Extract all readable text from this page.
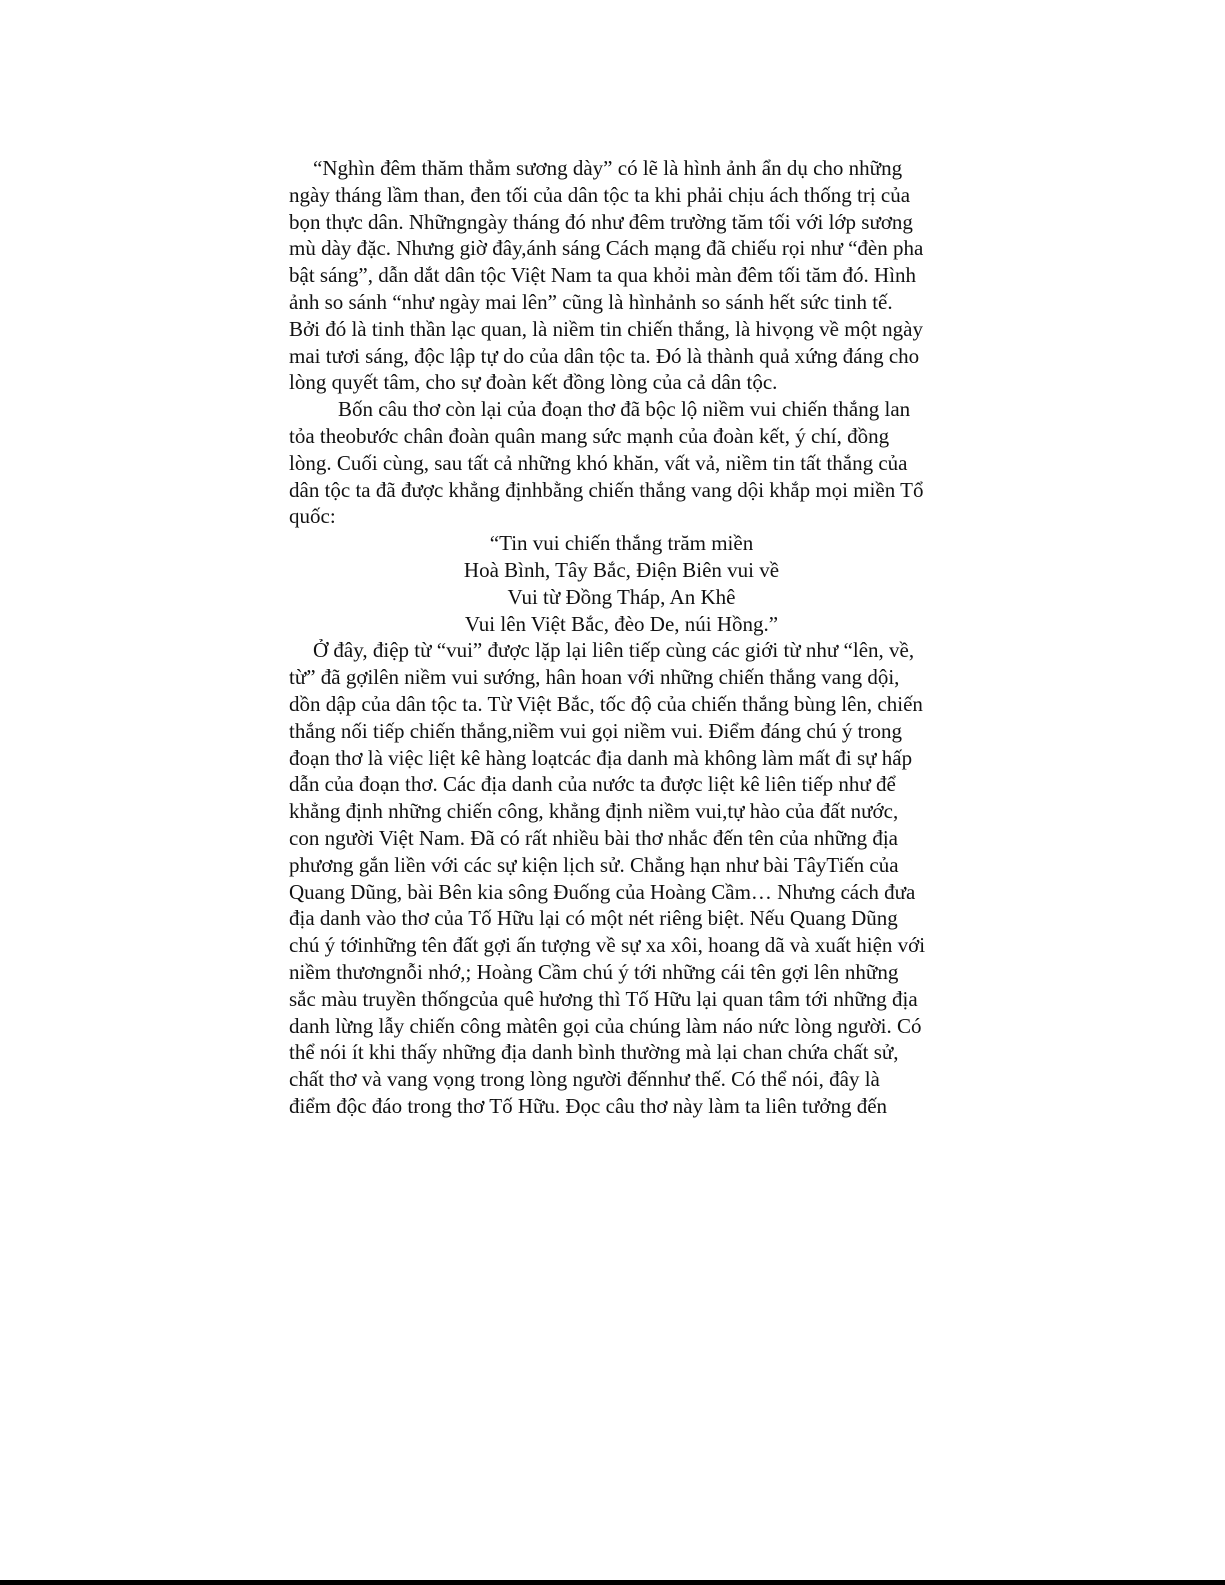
“Nghìn đêm thăm thẳm sương dày” có lẽ là hình ảnh ẩn dụ cho những
ngày tháng lầm than, đen tối của dân tộc ta khi phải chịu ách thống trị của
bọn thực dân. Nhữngngày tháng đó như đêm trường tăm tối với lớp sương
mù dày đặc. Nhưng giờ đây,ánh sáng Cách mạng đã chiếu rọi như “đèn pha
bật sáng”, dẫn dắt dân tộc Việt Nam ta qua khỏi màn đêm tối tăm đó. Hình
ảnh so sánh “như ngày mai lên” cũng là hìnhảnh so sánh hết sức tinh tế.
Bởi đó là tinh thần lạc quan, là niềm tin chiến thắng, là hivọng về một ngày
mai tươi sáng, độc lập tự do của dân tộc ta. Đó là thành quả xứng đáng cho
lòng quyết tâm, cho sự đoàn kết đồng lòng của cả dân tộc.
Bốn câu thơ còn lại của đoạn thơ đã bộc lộ niềm vui chiến thắng lan
tỏa theobước chân đoàn quân mang sức mạnh của đoàn kết, ý chí, đồng
lòng. Cuối cùng, sau tất cả những khó khăn, vất vả, niềm tin tất thắng của
dân tộc ta đã được khẳng địnhbằng chiến thắng vang dội khắp mọi miền Tổ
quốc:
“Tin vui chiến thắng trăm miền
Hoà Bình, Tây Bắc, Điện Biên vui về
Vui từ Đồng Tháp, An Khê
Vui lên Việt Bắc, đèo De, núi Hồng.”
Ở đây, điệp từ “vui” được lặp lại liên tiếp cùng các giới từ như “lên, về,
từ” đã gợilên niềm vui sướng, hân hoan với những chiến thắng vang dội,
dồn dập của dân tộc ta. Từ Việt Bắc, tốc độ của chiến thắng bùng lên, chiến
thắng nối tiếp chiến thắng,niềm vui gọi niềm vui. Điểm đáng chú ý trong
đoạn thơ là việc liệt kê hàng loạtcác địa danh mà không làm mất đi sự hấp
dẫn của đoạn thơ. Các địa danh của nước ta được liệt kê liên tiếp như để
khẳng định những chiến công, khẳng định niềm vui,tự hào của đất nước,
con người Việt Nam. Đã có rất nhiều bài thơ nhắc đến tên của những địa
phương gắn liền với các sự kiện lịch sử. Chẳng hạn như bài TâyTiến của
Quang Dũng, bài Bên kia sông Đuống của Hoàng Cầm… Nhưng cách đưa
địa danh vào thơ của Tố Hữu lại có một nét riêng biệt. Nếu Quang Dũng
chú ý tớinhững tên đất gợi ấn tượng về sự xa xôi, hoang dã và xuất hiện với
niềm thươngnỗi nhớ,; Hoàng Cầm chú ý tới những cái tên gợi lên những
sắc màu truyền thốngcủa quê hương thì Tố Hữu lại quan tâm tới những địa
danh lừng lẫy chiến công màtên gọi của chúng làm náo nức lòng người. Có
thể nói ít khi thấy những địa danh bình thường mà lại chan chứa chất sử,
chất thơ và vang vọng trong lòng người đếnnhư thế. Có thể nói, đây là
điểm độc đáo trong thơ Tố Hữu. Đọc câu thơ này làm ta liên tưởng đến
